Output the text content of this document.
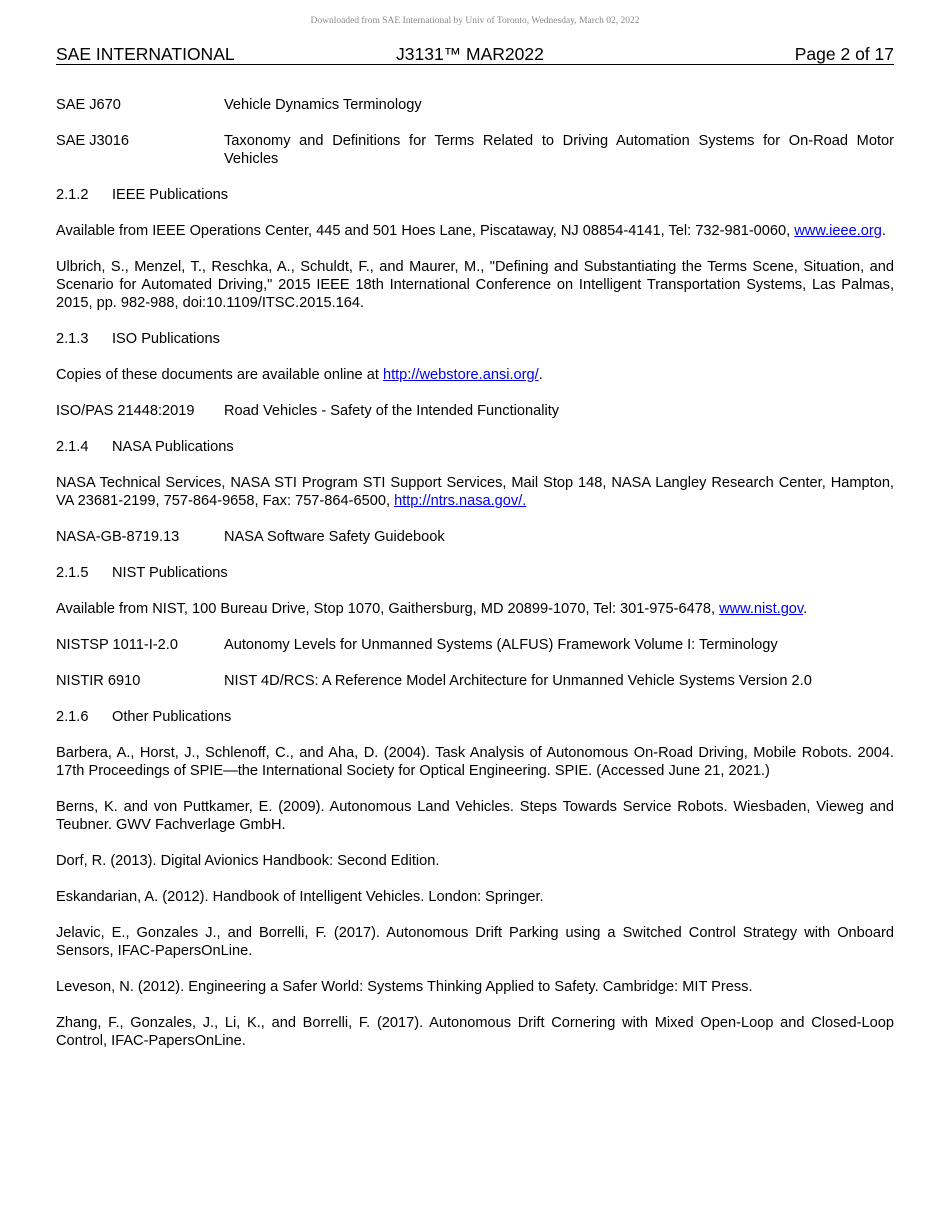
Downloaded from SAE International by Univ of Toronto, Wednesday, March 02, 2022
SAE INTERNATIONAL	J3131™ MAR2022	Page 2 of 17
SAE J670	Vehicle Dynamics Terminology
SAE J3016	Taxonomy and Definitions for Terms Related to Driving Automation Systems for On-Road Motor Vehicles
2.1.2	IEEE Publications

Available from IEEE Operations Center, 445 and 501 Hoes Lane, Piscataway, NJ 08854-4141, Tel: 732-981-0060, www.ieee.org.

Ulbrich, S., Menzel, T., Reschka, A., Schuldt, F., and Maurer, M., "Defining and Substantiating the Terms Scene, Situation, and Scenario for Automated Driving," 2015 IEEE 18th International Conference on Intelligent Transportation Systems, Las Palmas, 2015, pp. 982-988, doi:10.1109/ITSC.2015.164.

2.1.3	ISO Publications

Copies of these documents are available online at http://webstore.ansi.org/.

ISO/PAS 21448:2019	Road Vehicles - Safety of the Intended Functionality
2.1.4	NASA Publications

NASA Technical Services, NASA STI Program STI Support Services, Mail Stop 148, NASA Langley Research Center, Hampton, VA 23681-2199, 757-864-9658, Fax: 757-864-6500, http://ntrs.nasa.gov/.

NASA-GB-8719.13	NASA Software Safety Guidebook
2.1.5	NIST Publications

Available from NIST, 100 Bureau Drive, Stop 1070, Gaithersburg, MD 20899-1070, Tel: 301-975-6478, www.nist.gov.

NISTSP 1011-I-2.0	Autonomy Levels for Unmanned Systems (ALFUS) Framework Volume I: Terminology
NISTIR 6910	NIST 4D/RCS: A Reference Model Architecture for Unmanned Vehicle Systems Version 2.0
2.1.6	Other Publications

Barbera, A., Horst, J., Schlenoff, C., and Aha, D. (2004). Task Analysis of Autonomous On-Road Driving, Mobile Robots. 2004. 17th Proceedings of SPIE—the International Society for Optical Engineering. SPIE. (Accessed June 21, 2021.)

Berns, K. and von Puttkamer, E. (2009). Autonomous Land Vehicles. Steps Towards Service Robots. Wiesbaden, Vieweg and Teubner. GWV Fachverlage GmbH.

Dorf, R. (2013). Digital Avionics Handbook: Second Edition.

Eskandarian, A. (2012). Handbook of Intelligent Vehicles. London: Springer.

Jelavic, E., Gonzales J., and Borrelli, F. (2017). Autonomous Drift Parking using a Switched Control Strategy with Onboard Sensors, IFAC-PapersOnLine.

Leveson, N. (2012). Engineering a Safer World: Systems Thinking Applied to Safety. Cambridge: MIT Press.

Zhang, F., Gonzales, J., Li, K., and Borrelli, F. (2017). Autonomous Drift Cornering with Mixed Open-Loop and Closed-Loop Control, IFAC-PapersOnLine.
